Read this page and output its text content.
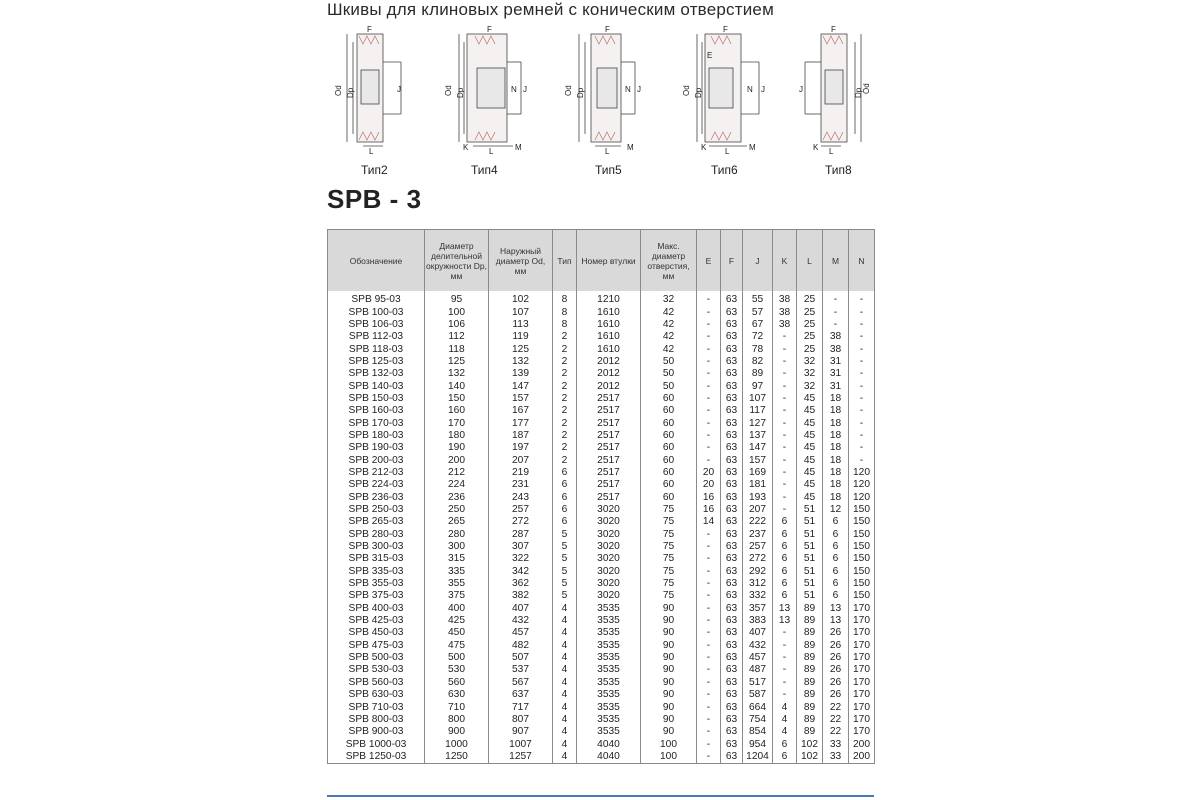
Шкивы для клиновых ремней с коническим отверстием
F
Od Dp	J
L
Тип2
F
Od Dp	N J
K	L	M
Тип4
F
Od Dp	N J
L M
Тип5
F
E
Od Dp	N J
K L M
Тип6
F
J	Dp Od
K L
Тип8
SPB - 3
Обозначение	Диаметр делительной окружности Dp, мм	Наружный диаметр Od, мм	Тип	Номер втулки	Макс. диаметр отверстия, мм	E	F	J	K	L	M	N
SPB 95-03	95	102	8	1210	32	-	63	55	38	25	-	-
SPB 100-03	100	107	8	1610	42	-	63	57	38	25	-	-
SPB 106-03	106	113	8	1610	42	-	63	67	38	25	-	-
SPB 112-03	112	119	2	1610	42	-	63	72	-	25	38	-
SPB 118-03	118	125	2	1610	42	-	63	78	-	25	38	-
SPB 125-03	125	132	2	2012	50	-	63	82	-	32	31	-
SPB 132-03	132	139	2	2012	50	-	63	89	-	32	31	-
SPB 140-03	140	147	2	2012	50	-	63	97	-	32	31	-
SPB 150-03	150	157	2	2517	60	-	63	107	-	45	18	-
SPB 160-03	160	167	2	2517	60	-	63	117	-	45	18	-
SPB 170-03	170	177	2	2517	60	-	63	127	-	45	18	-
SPB 180-03	180	187	2	2517	60	-	63	137	-	45	18	-
SPB 190-03	190	197	2	2517	60	-	63	147	-	45	18	-
SPB 200-03	200	207	2	2517	60	-	63	157	-	45	18	-
SPB 212-03	212	219	6	2517	60	20	63	169	-	45	18	120
SPB 224-03	224	231	6	2517	60	20	63	181	-	45	18	120
SPB 236-03	236	243	6	2517	60	16	63	193	-	45	18	120
SPB 250-03	250	257	6	3020	75	16	63	207	-	51	12	150
SPB 265-03	265	272	6	3020	75	14	63	222	6	51	6	150
SPB 280-03	280	287	5	3020	75	-	63	237	6	51	6	150
SPB 300-03	300	307	5	3020	75	-	63	257	6	51	6	150
SPB 315-03	315	322	5	3020	75	-	63	272	6	51	6	150
SPB 335-03	335	342	5	3020	75	-	63	292	6	51	6	150
SPB 355-03	355	362	5	3020	75	-	63	312	6	51	6	150
SPB 375-03	375	382	5	3020	75	-	63	332	6	51	6	150
SPB 400-03	400	407	4	3535	90	-	63	357	13	89	13	170
SPB 425-03	425	432	4	3535	90	-	63	383	13	89	13	170
SPB 450-03	450	457	4	3535	90	-	63	407	-	89	26	170
SPB 475-03	475	482	4	3535	90	-	63	432	-	89	26	170
SPB 500-03	500	507	4	3535	90	-	63	457	-	89	26	170
SPB 530-03	530	537	4	3535	90	-	63	487	-	89	26	170
SPB 560-03	560	567	4	3535	90	-	63	517	-	89	26	170
SPB 630-03	630	637	4	3535	90	-	63	587	-	89	26	170
SPB 710-03	710	717	4	3535	90	-	63	664	4	89	22	170
SPB 800-03	800	807	4	3535	90	-	63	754	4	89	22	170
SPB 900-03	900	907	4	3535	90	-	63	854	4	89	22	170
SPB 1000-03	1000	1007	4	4040	100	-	63	954	6	102	33	200
SPB 1250-03	1250	1257	4	4040	100	-	63	1204	6	102	33	200
